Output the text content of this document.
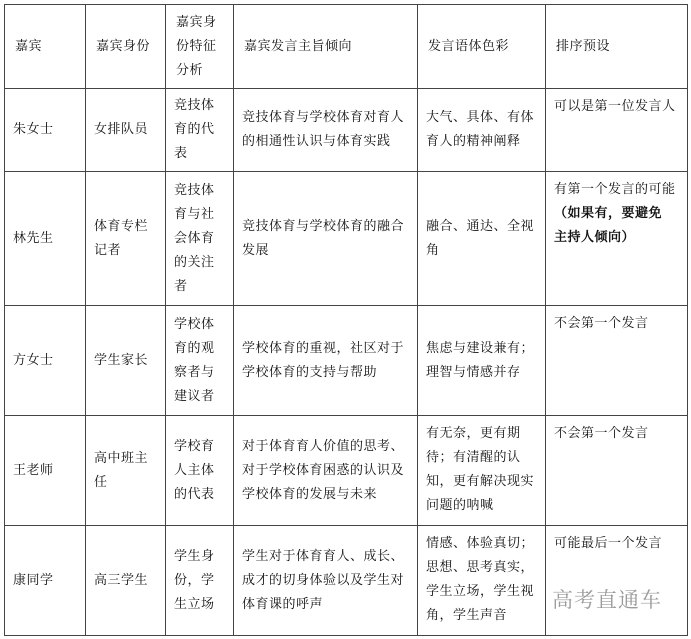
嘉宾	嘉宾身份	嘉宾身
份特征
分析	嘉宾发言主旨倾向	发言语体色彩	排序预设
朱女士	女排队员	竞技体
育的代
表	竞技体育与学校体育对育人
的相通性认识与体育实践	大气、具体、有体
育人的精神阐释	可以是第一位发言人

林先生	体育专栏
记者	竞技体
育与社
会体育
的关注
者	竞技体育与学校体育的融合
发展	融合、通达、全视
角	有第一个发言的可能
（如果有，要避免
主持人倾向）

方女士	学生家长	学校体
育的观
察者与
建议者	学校体育的重视，社区对于
学校体育的支持与帮助	焦虑与建设兼有；
理智与情感并存	不会第一个发言

王老师	高中班主
任	学校育
人主体
的代表	对于体育育人价值的思考、
对于学校体育困惑的认识及
学校体育的发展与未来	有无奈，更有期
待；有清醒的认
知，更有解决现实
问题的呐喊	不会第一个发言

康同学	高三学生	学生身
份，学
生立场	学生对于体育育人、成长、
成才的切身体验以及学生对
体育课的呼声	情感、体验真切；
思想、思考真实，
学生立场，学生视
角，学生声音	可能最后一个发言
高考直通车
